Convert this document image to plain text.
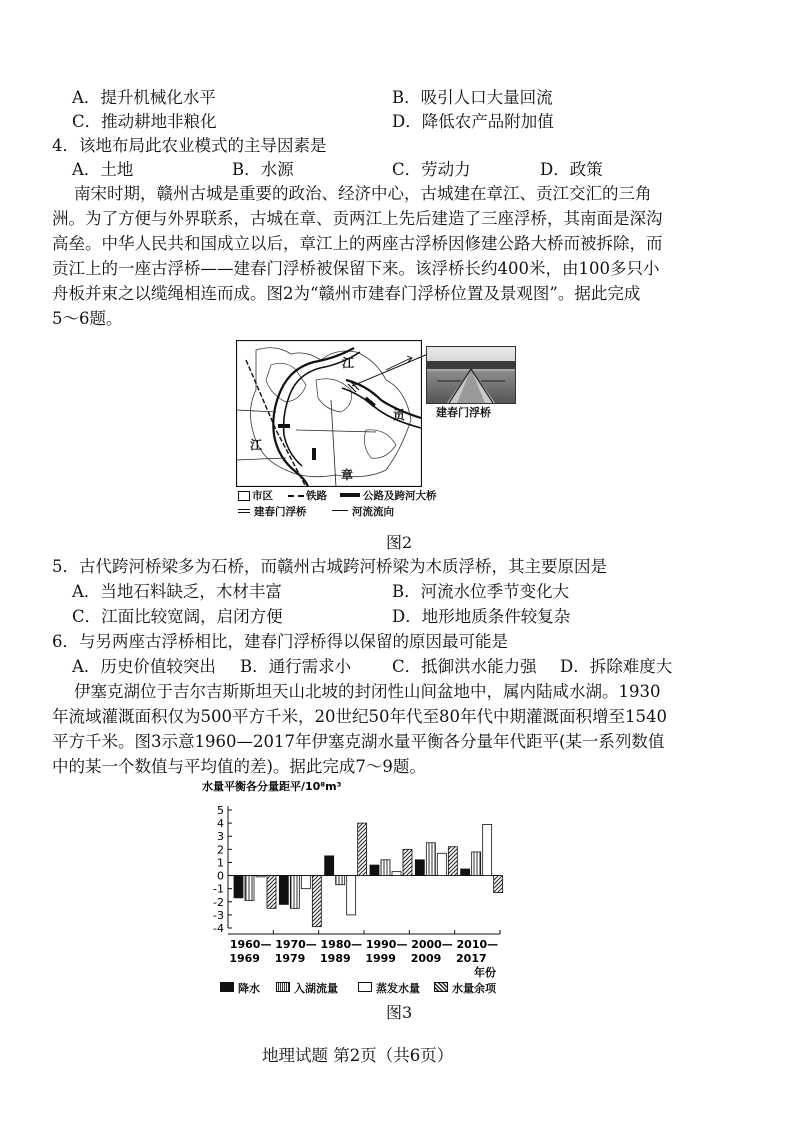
A．提升机械化水平	B．吸引人口大量回流
C．推动耕地非粮化	D．降低农产品附加值
4．该地布局此农业模式的主导因素是
A．土地	B．水源	C．劳动力	D．政策
南宋时期，赣州古城是重要的政治、经济中心，古城建在章江、贡江交汇的三角
洲。为了方便与外界联系，古城在章、贡两江上先后建造了三座浮桥，其南面是深沟
高垒。中华人民共和国成立以后，章江上的两座古浮桥因修建公路大桥而被拆除，而
贡江上的一座古浮桥——建春门浮桥被保留下来。该浮桥长约400米，由100多只小
舟板并束之以缆绳相连而成。图2为“赣州市建春门浮桥位置及景观图”。据此完成
5～6题。
江
江
贡
章
建春门浮桥
市区	铁路	公路及跨河大桥
建春门浮桥	河流流向
图2
5．古代跨河桥梁多为石桥，而赣州古城跨河桥梁为木质浮桥，其主要原因是
A．当地石料缺乏，木材丰富	B．河流水位季节变化大
C．江面比较宽阔，启闭方便	D．地形地质条件较复杂
6．与另两座古浮桥相比，建春门浮桥得以保留的原因最可能是
A．历史价值较突出 B．通行需求小 C．抵御洪水能力强 D．拆除难度大
伊塞克湖位于吉尔吉斯斯坦天山北坡的封闭性山间盆地中，属内陆咸水湖。1930
年流域灌溉面积仅为500平方千米，20世纪50年代至80年代中期灌溉面积增至1540
平方千米。图3示意1960—2017年伊塞克湖水量平衡各分量年代距平(某一系列数值
中的某一个数值与平均值的差)。据此完成7～9题。
水量平衡各分量距平/10⁸m³
5
4
3
2
1
0
-1
-2
-3
-4
1960—
1969
1970—
1979
1980—
1989
1990—
1999
2000—
2009
2010—
2017
年份
降水	入湖流量	蒸发水量	水量余项
图3
地理试题 第2页（共6页）
